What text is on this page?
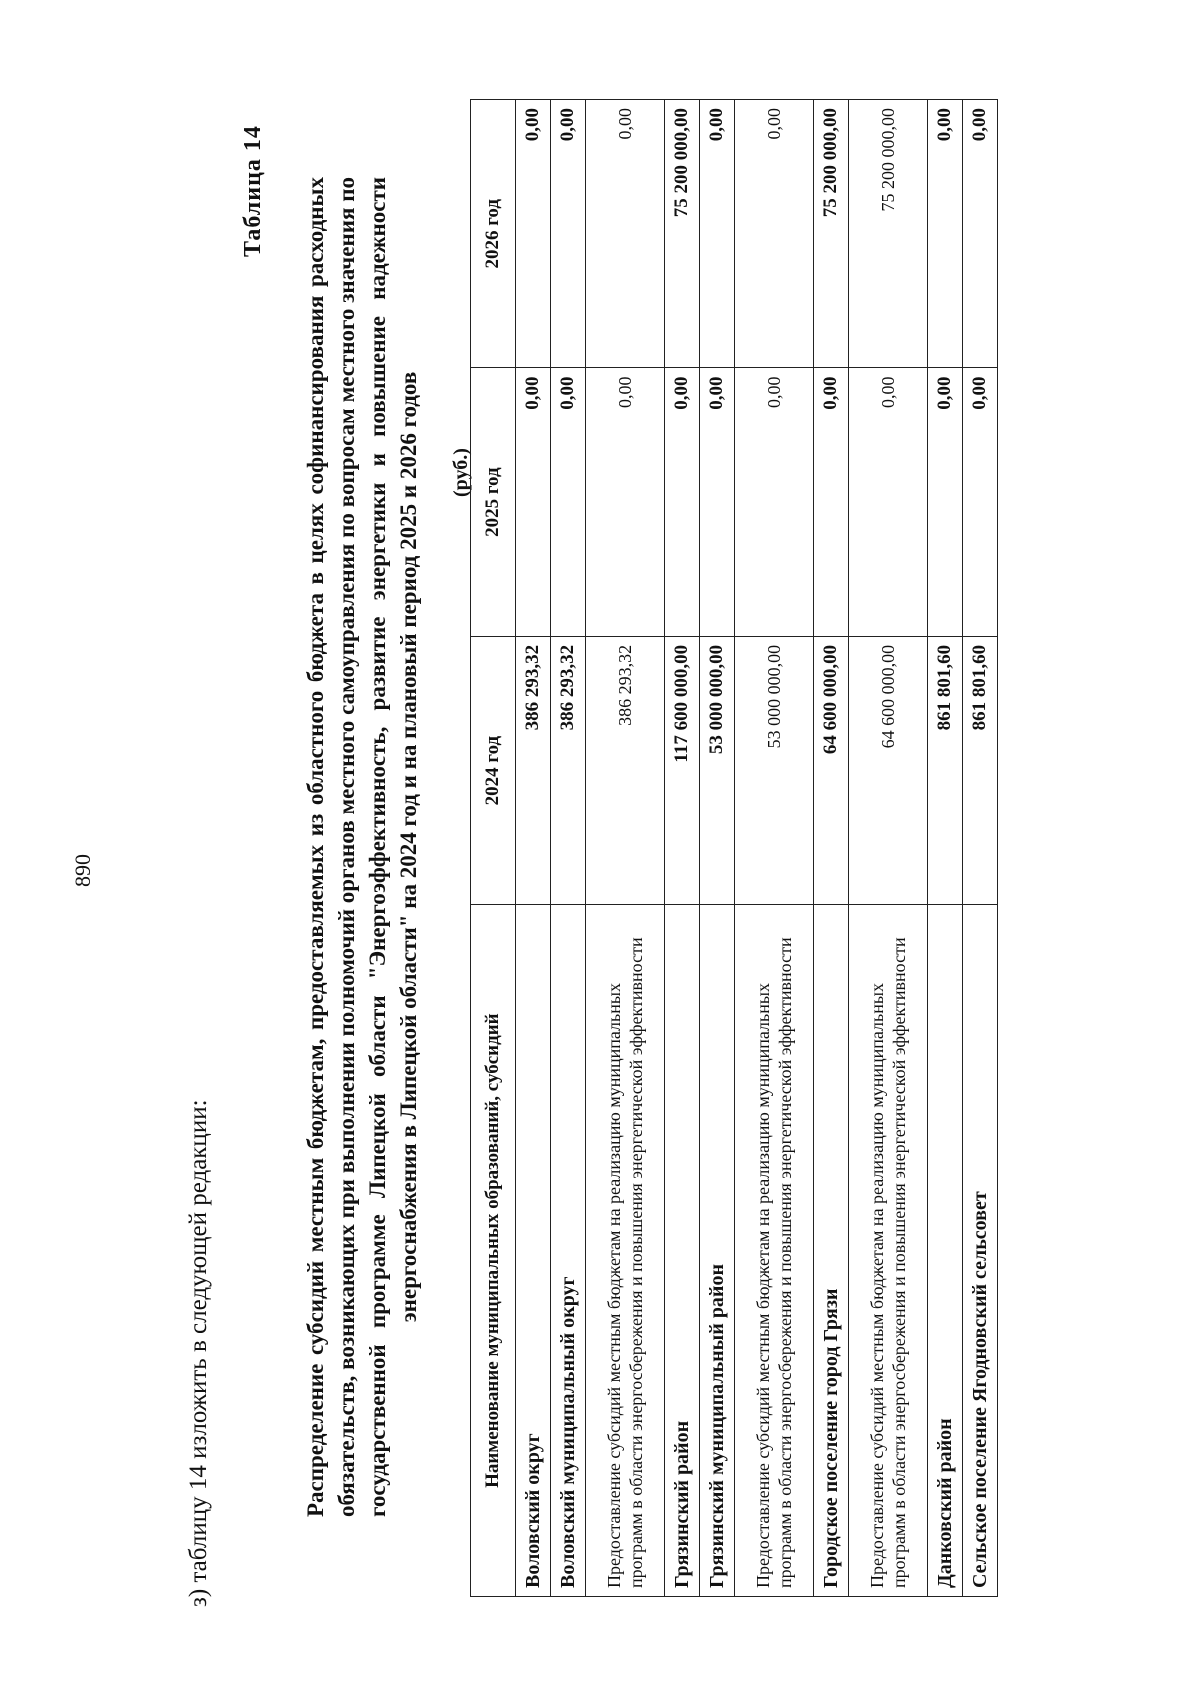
890
з) таблицу 14 изложить в следующей редакции:
Таблица 14 Распределение субсидий местным бюджетам, предоставляемых из областного бюджета в целях софинансирования расходных обязательств, возникающих при выполнении полномочий органов местного самоуправления по вопросам местного значения по государственной программе Липецкой области "Энергоэффективность, развитие энергетики и повышение надежности энергоснабжения в Липецкой области" на 2024 год и на плановый период 2025 и 2026 годов (руб.)
Наименование муниципальных образований, субсидий	2024 год	2025 год	2026 год
Воловский округ	386 293,32	0,00	0,00
Воловский муниципальный округ	386 293,32	0,00	0,00
Предоставление субсидий местным бюджетам на реализацию муниципальных программ в области энергосбережения и повышения энергетической эффективности	386 293,32	0,00	0,00
Грязинский район	117 600 000,00	0,00	75 200 000,00
Грязинский муниципальный район	53 000 000,00	0,00	0,00
Предоставление субсидий местным бюджетам на реализацию муниципальных программ в области энергосбережения и повышения энергетической эффективности	53 000 000,00	0,00	0,00
Городское поселение город Грязи	64 600 000,00	0,00	75 200 000,00
Предоставление субсидий местным бюджетам на реализацию муниципальных программ в области энергосбережения и повышения энергетической эффективности	64 600 000,00	0,00	75 200 000,00
Данковский район	861 801,60	0,00	0,00
Сельское поселение Ягодновский сельсовет	861 801,60	0,00	0,00
